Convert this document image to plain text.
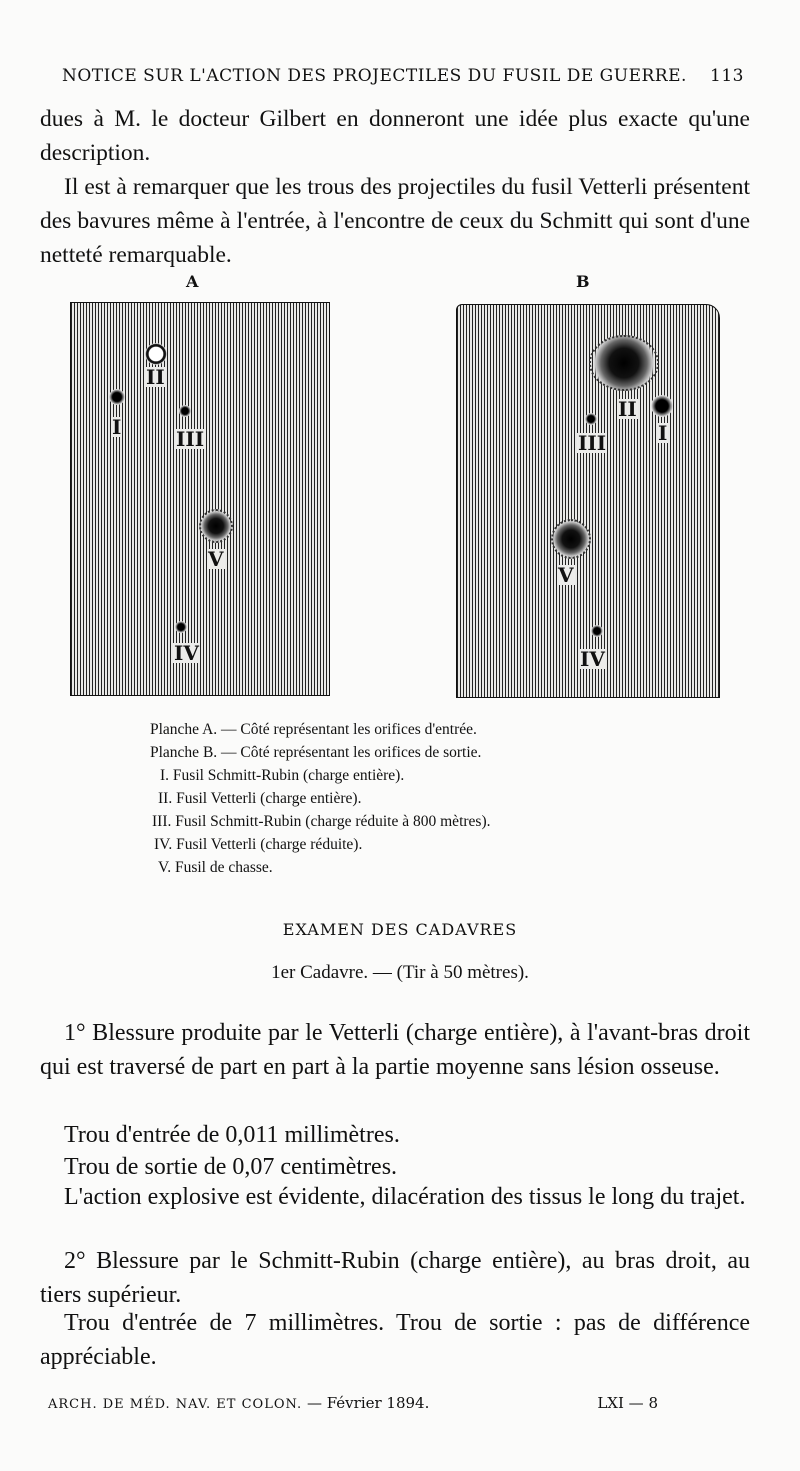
NOTICE SUR L'ACTION DES PROJECTILES DU FUSIL DE GUERRE. 113
dues à M. le docteur Gilbert en donneront une idée plus exacte qu'une description.
Il est à remarquer que les trous des projectiles du fusil Vetterli présentent des bavures même à l'entrée, à l'encontre de ceux du Schmitt qui sont d'une netteté remarquable.
A
II
I	III
V
IV
B
II
I
III
V
IV
Planche A. — Côté représentant les orifices d'entrée.
Planche B. — Côté représentant les orifices de sortie.
I. Fusil Schmitt-Rubin (charge entière).
II. Fusil Vetterli (charge entière).
III. Fusil Schmitt-Rubin (charge réduite à 800 mètres).
IV. Fusil Vetterli (charge réduite).
V. Fusil de chasse.
EXAMEN DES CADAVRES
1er Cadavre. — (Tir à 50 mètres).
1° Blessure produite par le Vetterli (charge entière), à l'avant-bras droit qui est traversé de part en part à la partie moyenne sans lésion osseuse.
Trou d'entrée de 0,011 millimètres.
Trou de sortie de 0,07 centimètres.
L'action explosive est évidente, dilacération des tissus le long du trajet.
2° Blessure par le Schmitt-Rubin (charge entière), au bras droit, au tiers supérieur.
Trou d'entrée de 7 millimètres. Trou de sortie : pas de différence appréciable.
ARCH. DE MÉD. NAV. ET COLON. — Février 1894.	LXI — 8
